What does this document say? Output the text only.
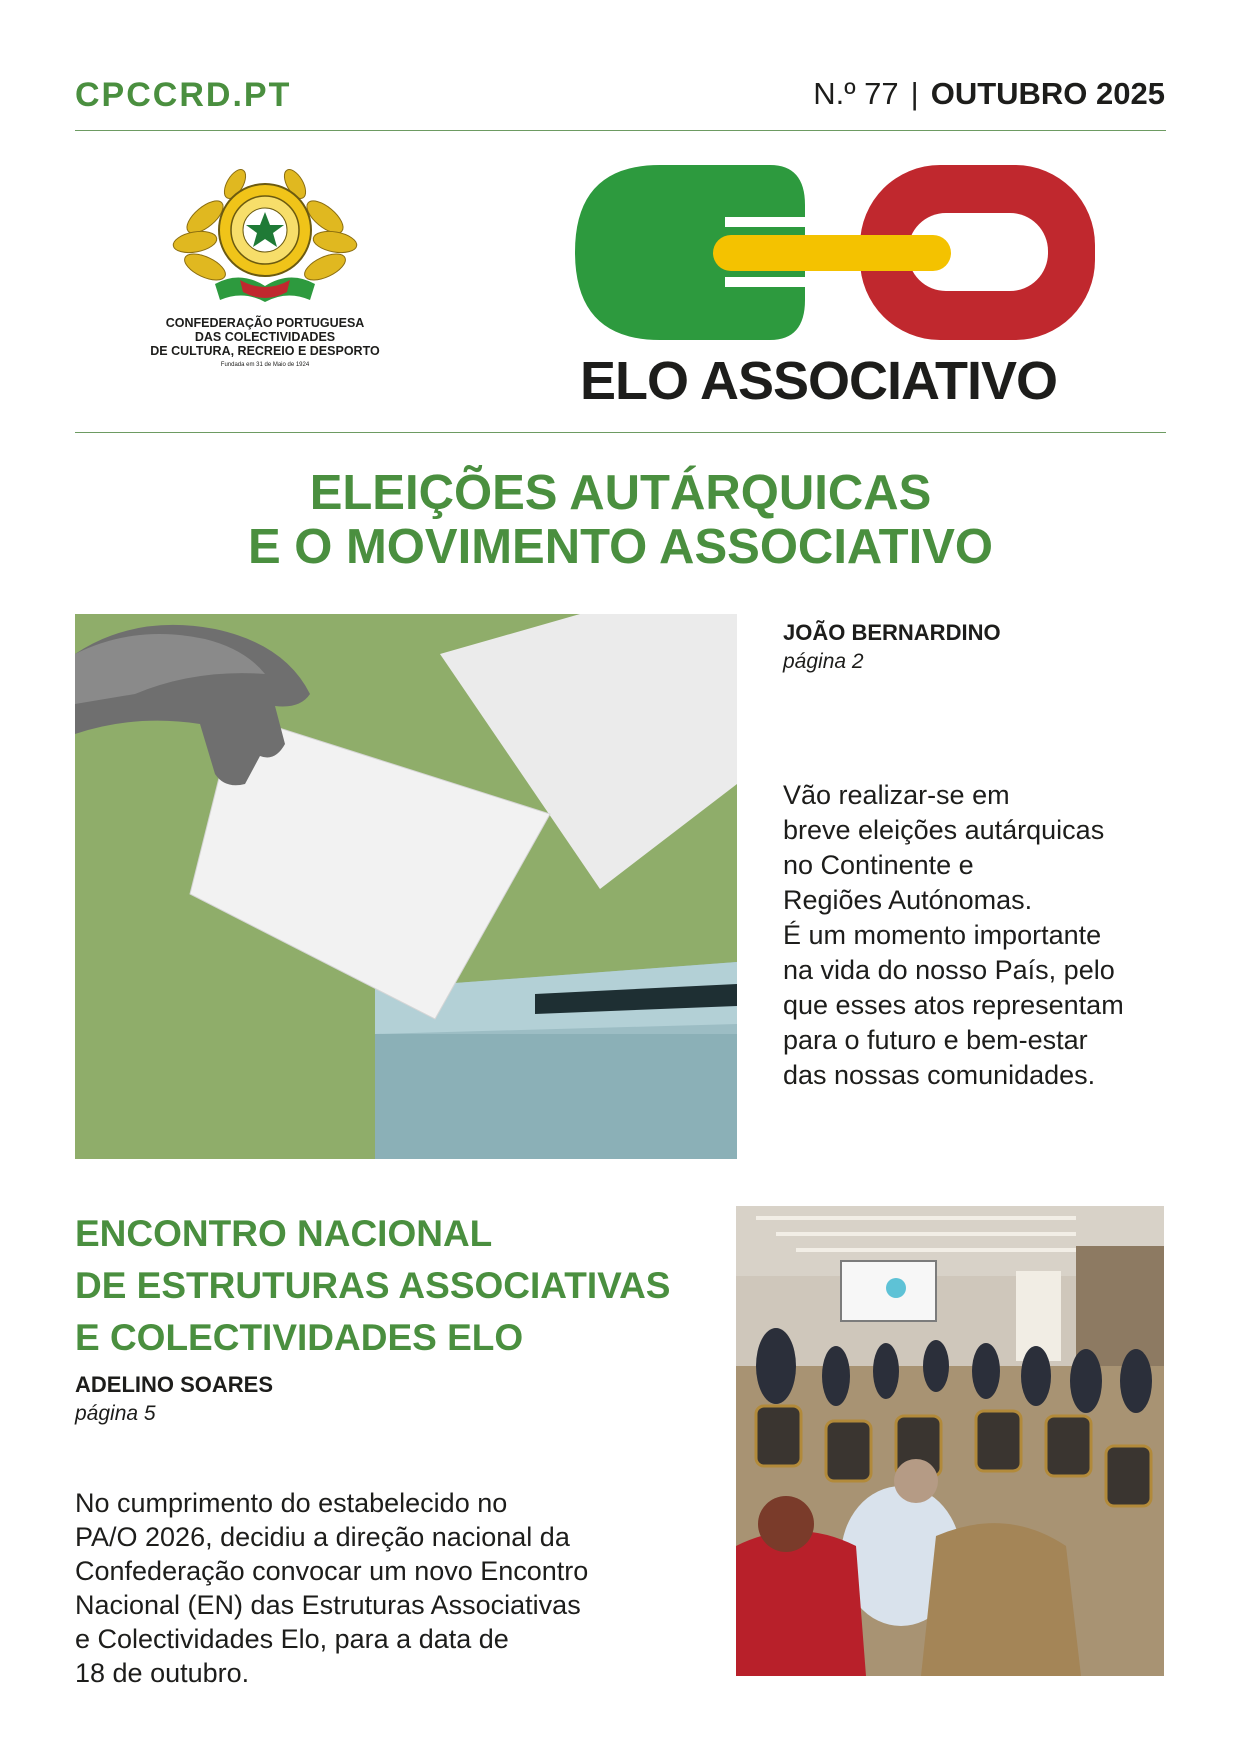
CPCCRD.PT	N.º 77 | OUTUBRO 2025
CONFEDERAÇÃO PORTUGUESA
DAS COLECTIVIDADES
DE CULTURA, RECREIO E DESPORTO
Fundada em 31 de Maio de 1924	ELO ASSOCIATIVO
ELEIÇÕES AUTÁRQUICAS
E O MOVIMENTO ASSOCIATIVO
JOÃO BERNARDINO
página 2
Vão realizar-se em
breve eleições autárquicas
no Continente e
Regiões Autónomas.
É um momento importante
na vida do nosso País, pelo
que esses atos representam
para o futuro e bem-estar
das nossas comunidades.
ENCONTRO NACIONAL
DE ESTRUTURAS ASSOCIATIVAS
E COLECTIVIDADES ELO
ADELINO SOARES
página 5
No cumprimento do estabelecido no
PA/O 2026, decidiu a direção nacional da
Confederação convocar um novo Encontro
Nacional (EN) das Estruturas Associativas
e Colectividades Elo, para a data de
18 de outubro.
